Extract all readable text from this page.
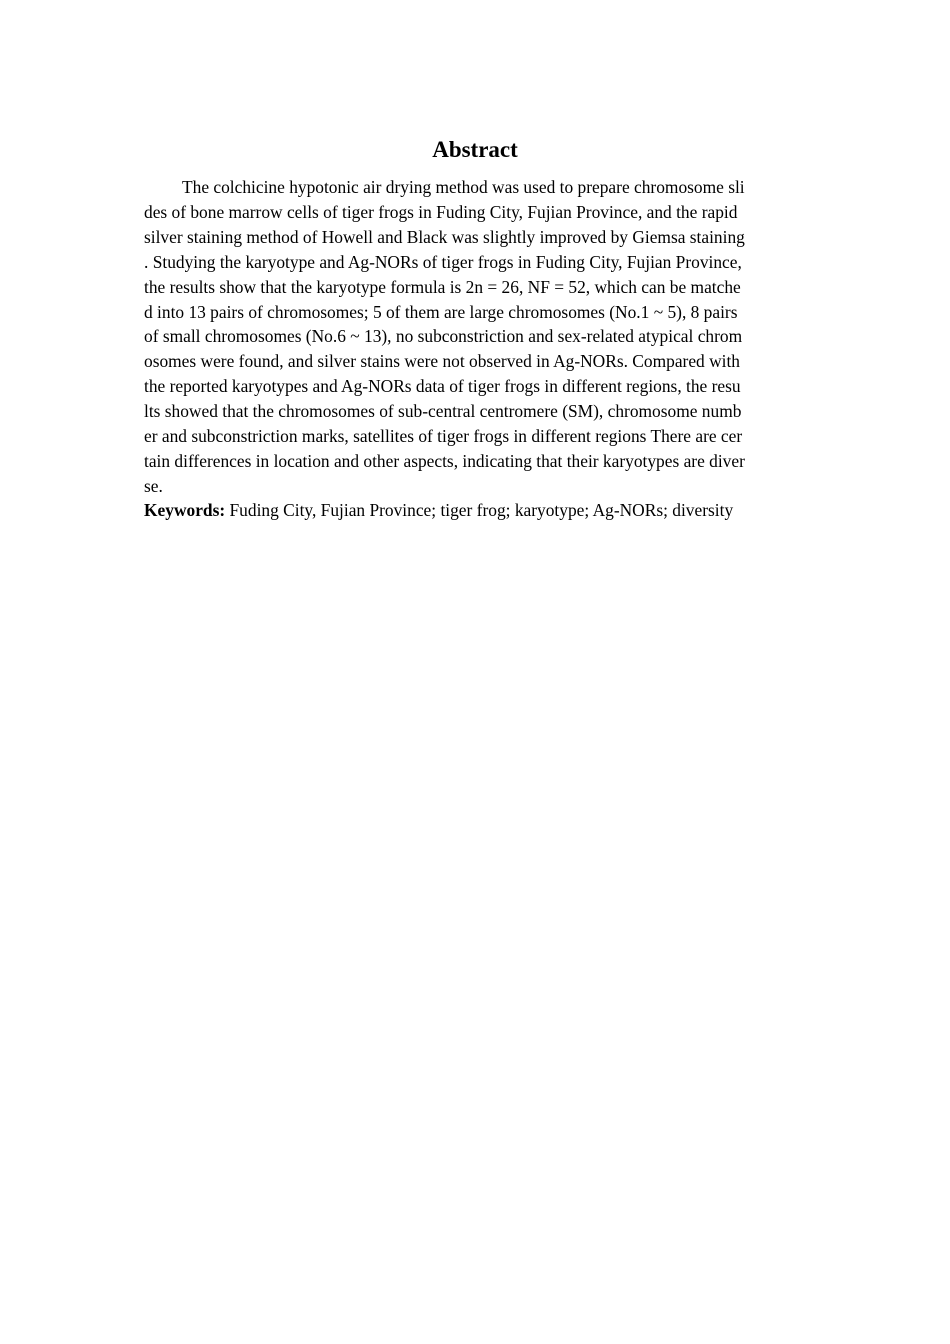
Abstract
The colchicine hypotonic air drying method was used to prepare chromosome sli
des of bone marrow cells of tiger frogs in Fuding City, Fujian Province, and the rapid
silver staining method of Howell and Black was slightly improved by Giemsa staining
. Studying the karyotype and Ag-NORs of tiger frogs in Fuding City, Fujian Province,
the results show that the karyotype formula is 2n = 26, NF = 52, which can be matche
d into 13 pairs of chromosomes; 5 of them are large chromosomes (No.1 ~ 5), 8 pairs
of small chromosomes (No.6 ~ 13), no subconstriction and sex-related atypical chrom
osomes were found, and silver stains were not observed in Ag-NORs. Compared with
the reported karyotypes and Ag-NORs data of tiger frogs in different regions, the resu
lts showed that the chromosomes of sub-central centromere (SM), chromosome numb
er and subconstriction marks, satellites of tiger frogs in different regions There are cer
tain differences in location and other aspects, indicating that their karyotypes are diver
se.
Keywords: Fuding City, Fujian Province; tiger frog; karyotype; Ag-NORs; diversity
